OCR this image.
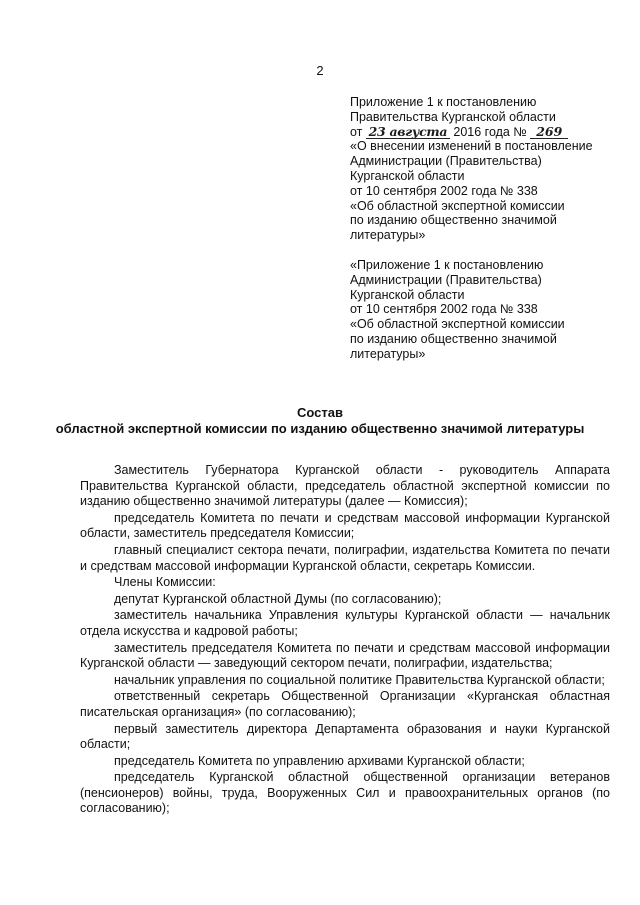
2
Приложение 1 к постановлению
Правительства Курганской области
от 23 августа 2016 года № 269
«О внесении изменений в постановление
Администрации (Правительства)
Курганской области
от 10 сентября 2002 года № 338
«Об областной экспертной комиссии
по изданию общественно значимой
литературы»
«Приложение 1 к постановлению
Администрации (Правительства)
Курганской области
от 10 сентября 2002 года № 338
«Об областной экспертной комиссии
по изданию общественно значимой
литературы»
Состав
областной экспертной комиссии по изданию общественно значимой литературы

Заместитель Губернатора Курганской области - руководитель Аппарата Правительства Курганской области, председатель областной экспертной комиссии по изданию общественно значимой литературы (далее — Комиссия);

председатель Комитета по печати и средствам массовой информации Курганской области, заместитель председателя Комиссии;

главный специалист сектора печати, полиграфии, издательства Комитета по печати и средствам массовой информации Курганской области, секретарь Комиссии.

Члены Комиссии:

депутат Курганской областной Думы (по согласованию);

заместитель начальника Управления культуры Курганской области — начальник отдела искусства и кадровой работы;

заместитель председателя Комитета по печати и средствам массовой информации Курганской области — заведующий сектором печати, полиграфии, издательства;

начальник управления по социальной политике Правительства Курганской области;

ответственный секретарь Общественной Организации «Курганская областная писательская организация» (по согласованию);

первый заместитель директора Департамента образования и науки Курганской области;

председатель Комитета по управлению архивами Курганской области;

председатель Курганской областной общественной организации ветеранов (пенсионеров) войны, труда, Вооруженных Сил и правоохранительных органов (по согласованию);
